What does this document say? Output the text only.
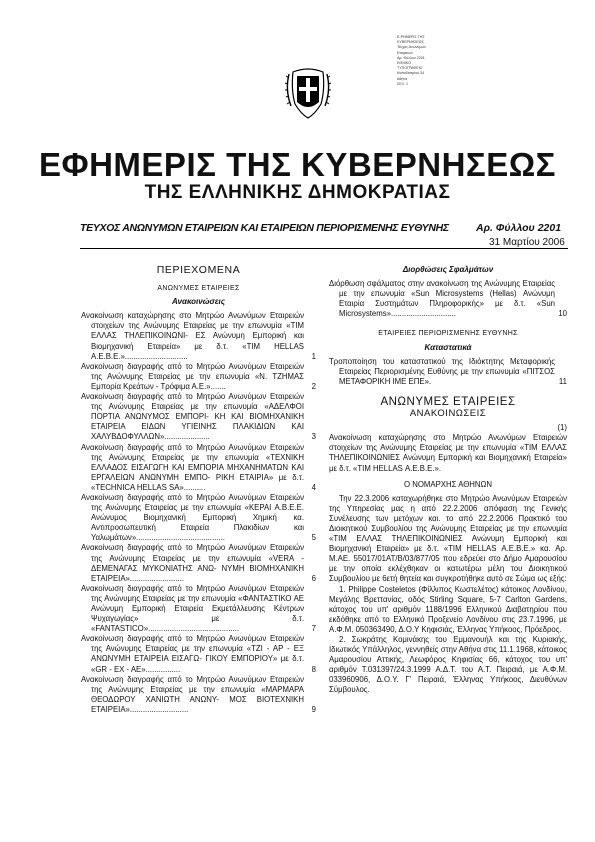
Ε-ΡΗΜΕΡΙΣ ΤΗΣ
ΚΥΒΕΡΝΗΣΕΩΣ
Τεύχος Ανωνύμων
Εταιρειών
Αρ. Φύλλου 2201
ΕΘΝΙΚΟ
ΤΥΠΟΓΡΑΦΕΙΟ
Καποδιστρίου 34
Αθήνα
ΣΕΛ. 1
ΕΦΗΜΕΡΙΣ ΤΗΣ ΚΥΒΕΡΝΗΣΕΩΣ
ΤΗΣ ΕΛΛΗΝΙΚΗΣ ΔΗΜΟΚΡΑΤΙΑΣ
ΤΕΥΧΟΣ ΑΝΩΝΥΜΩΝ ΕΤΑΙΡΕΙΩΝ ΚΑΙ ΕΤΑΙΡΕΙΩΝ ΠΕΡΙΟΡΙΣΜΕΝΗΣ ΕΥΘΥΝΗΣ	Αρ. Φύλλου 2201
31 Μαρτίου 2006
ΠΕΡΙΕΧΟΜΕΝΑ
ΑΝΩΝΥΜΕΣ ΕΤΑΙΡΕΙΕΣ
Ανακοινώσεις
Ανακοίνωση καταχώρησης στο Μητρώο Ανωνύμων Εταιρειών στοιχείων της Ανώνυμης Εταιρείας με την επωνυμία «ΤΙΜ ΕΛΛΑΣ ΤΗΛΕΠΙΚΟΙΝΩΝΙ- ΕΣ Ανώνυμη Εμπορική και Βιομηχανική Εταιρεία» με δ.τ. «TIM HELLAS Α.Ε.Β.Ε.».............................	1
Ανακοίνωση διαγραφής από το Μητρώο Ανωνύμων Εταιρειών της Ανώνυμης Εταιρείας με την επωνυμία «Ν. ΤΖΗΜΑΣ Εμπορία Κρεάτων - Τρόφιμα Α.Ε.».......	2
Ανακοίνωση διαγραφής από το Μητρώο Ανωνύμων Εταιρειών της Ανώνυμης Εταιρείας με την επωνυμία «ΑΔΕΛΦΟΙ ΠΟΡΤΙΑ ΑΝΩΝΥΜΟΣ ΕΜΠΟΡΙ- ΚΗ ΚΑΙ ΒΙΟΜΗΧΑΝΙΚΗ ΕΤΑΙΡΕΙΑ ΕΙΔΩΝ ΥΓΙΕΙΝΗΣ ΠΛΑΚΙΔΙΩΝ ΚΑΙ ΧΑΛΥΒΔΟΦΥΛΛΩΝ».....................	3
Ανακοίνωση διαγραφής από το Μητρώο Ανωνύμων Εταιρειών της Ανώνυμης Εταιρείας με την επωνυμία «ΤΕΧΝΙΚΗ ΕΛΛΑΔΟΣ ΕΙΣΑΓΩΓΗ ΚΑΙ ΕΜΠΟΡΙΑ ΜΗΧΑΝΗΜΑΤΩΝ ΚΑΙ ΕΡΓΑΛΕΙΩΝ ΑΝΩΝΥΜΗ ΕΜΠΟ- ΡΙΚΗ ΕΤΑΙΡΙΑ» με δ.τ. «TECHNICA HELLAS SA»..........	4
Ανακοίνωση διαγραφής από το Μητρώο Ανωνύμων Εταιρειών της Ανώνυμης Εταιρείας με την επωνυμία «ΚΕΡΑΙ Α.Β.Ε.Ε. Ανώνυμος Βιομηχανική Εμπορική Χημική κα. Αντιπροσωπευτική Εταιρεία Πλακιδίων και Υαλωμάτων».........................................	5
Ανακοίνωση διαγραφής από το Μητρώο Ανωνύμων Εταιρειών της Ανώνυμης Εταιρείας με την επωνυμία «VERA - ΔΕΜΕΝΑΓΑΣ ΜΥΚΟΝΙΑΤΗΣ ΑΝΩ- ΝΥΜΗ ΒΙΟΜΗΧΑΝΙΚΗ ΕΤΑΙΡΕΙΑ».........................	6
Ανακοίνωση διαγραφής από το Μητρώο Ανωνύμων Εταιρειών της Ανώνυμης Εταιρείας με την επωνυμία «ΦΑΝΤΑΣΤΙΚΟ ΑΕ Ανώνυμη Εμπορική Εταιρεία Εκμετάλλευσης Κέντρων Ψυχαγωγίας» με δ.τ. «FANTASTICO»..........................................	7
Ανακοίνωση διαγραφής από το Μητρώο Ανωνύμων Εταιρειών της Ανώνυμης Εταιρείας με την επωνυμία «ΤΖΙ - ΑΡ - ΕΞ ΑΝΩΝΥΜΗ ΕΤΑΙΡΕΙΑ ΕΙΣΑΓΩ- ΓΙΚΟΥ ΕΜΠΟΡΙΟΥ» με δ.τ. «GR - EX - AE»................	8
Ανακοίνωση διαγραφής από το Μητρώο Ανωνύμων Εταιρειών της Ανώνυμης Εταιρείας με την επωνυμία «ΜΑΡΜΑΡΑ ΘΕΟΔΩΡΟΥ ΧΑΝΙΩΤΗ ΑΝΩΝΥ- ΜΟΣ ΒΙΟΤΕΧΝΙΚΗ ΕΤΑΙΡΕΙΑ»...........................	9
Διορθώσεις Σφαλμάτων
Διόρθωση σφάλματος στην ανακοίνωση της Ανώνυμης Εταιρείας με την επωνυμία «Sun Microsystems (Hellas) Ανώνυμη Εταιρία Συστημάτων Πληροφορικής» με δ.τ. «Sun Microsystems»..............................	10
ΕΤΑΙΡΕΙΕΣ ΠΕΡΙΟΡΙΣΜΕΝΗΣ ΕΥΘΥΝΗΣ
Καταστατικά
Τροποποίηση του καταστατικού της Ιδιόκτητης Μεταφορικής Εταιρείας Περιορισμένης Ευθύνης με την επωνυμία «ΠΙΤΣΟΣ ΜΕΤΑΦΟΡΙΚΗ ΙΜΕ ΕΠΕ».	11
ΑΝΩΝΥΜΕΣ ΕΤΑΙΡΕΙΕΣ
ΑΝΑΚΟΙΝΩΣΕΙΣ
(1)
Ανακοίνωση καταχώρησης στο Μητρώο Ανωνύμων Εταιρειών στοιχείων της Ανώνυμης Εταιρείας με την επωνυμία «ΤΙΜ ΕΛΛΑΣ ΤΗΛΕΠΙΚΟΙΝΩΝΙΕΣ Ανώνυμη Εμπορική και Βιομηχανική Εταιρεία» με δ.τ. «TIM HELLAS Α.Ε.Β.Ε.».
Ο ΝΟΜΑΡΧΗΣ ΑΘΗΝΩΝ
Την 22.3.2006 καταχωρήθηκε στο Μητρώο Ανωνύμων Εταιρειών της Υπηρεσίας μας η από 22.2.2006 απόφαση της Γενικής Συνέλευσης των μετόχων και. το από 22.2.2006 Πρακτικό του Διοικητικού Συμβουλίου της Ανώνυμης Εταιρείας με την επωνυμία «ΤΙΜ ΕΛΛΑΣ ΤΗΛΕΠΙΚΟΙΝΩΝΙΕΣ Ανώνυμη Εμπορική και Βιομηχανική Εταιρεία» με δ.τ. «TIM HELLAS Α.Ε.Β.Ε.» κα. Αρ. Μ.ΑΕ. 55017/01ΑΤ/Β/03/877/05 που εδρεύει στο Δήμο Αμαρουσίου με την οποία εκλέχθηκαν οι κατωτέρω μέλη του Διοικητικού Συμβουλίου με 6ετή θητεία και συγκροτήθηκε αυτό σε Σώμα ως εξής:
1. Philippe Costeletos (Φίλλιπος Κωστελέτος) κάτοικος Λονδίνου, Μεγάλης Βρεττανίας, οδός Stirling Square, 5-7 Carlton Gardens, κάτοχος του υπ' αριθμόν 1188/1996 Ελληνικού Διαβατηρίου που εκδόθηκε από το Ελληνικό Προξενείο Λονδίνου στις 23.7.1996, με Α.Φ.Μ. 050363490, Δ.Ο.Υ Κηφισιάς, Έλληνας Υπήκοος, Πρόεδρος.
2. Σωκράτης Κομινάκης του Εμμανουήλ και της Κυριακής, Ιδιωτικός Υπάλληλος, γεννηθείς στην Αθήνα στις 11.1.1968, κάτοικος Αμαρουσίου Αττικής, Λεωφόρος Κηφισίας 66, κάτοχος του υπ' αριθμόν Τ.031397/24.3.1999 Α.Δ.Τ. του Α.Τ. Πειραιά, με Α.Φ.Μ. 033960906, Δ.Ο.Υ. Γ' Πειραιά, Έλληνας Υπήκοος, Διευθύνων Σύμβουλος.
